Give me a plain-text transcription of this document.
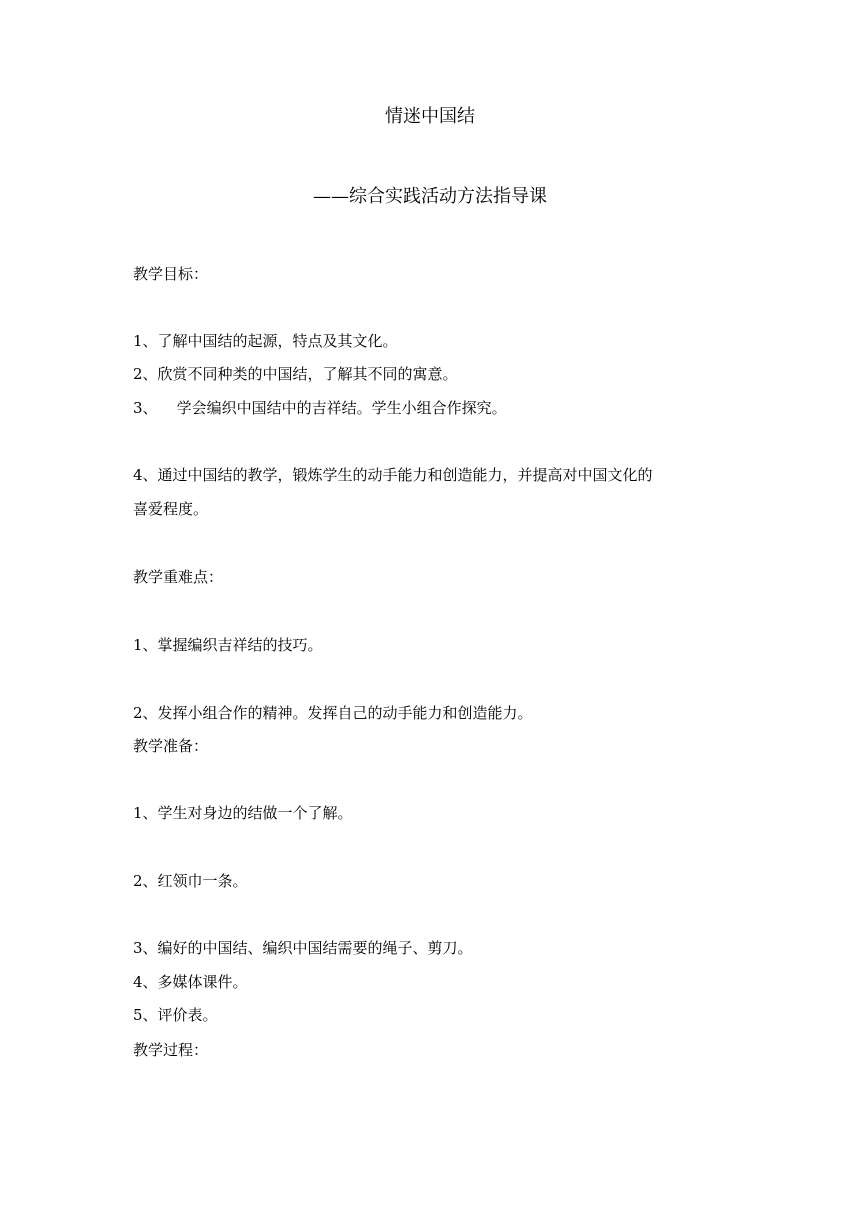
情迷中国结
——综合实践活动方法指导课
教学目标：
1、了解中国结的起源，特点及其文化。
2、欣赏不同种类的中国结，了解其不同的寓意。
3、    学会编织中国结中的吉祥结。学生小组合作探究。
4、通过中国结的教学，锻炼学生的动手能力和创造能力，并提高对中国文化的
喜爱程度。
教学重难点：
1、掌握编织吉祥结的技巧。
2、发挥小组合作的精神。发挥自己的动手能力和创造能力。
教学准备：
1、学生对身边的结做一个了解。
2、红领巾一条。
3、编好的中国结、编织中国结需要的绳子、剪刀。
4、多媒体课件。
5、评价表。
教学过程：
